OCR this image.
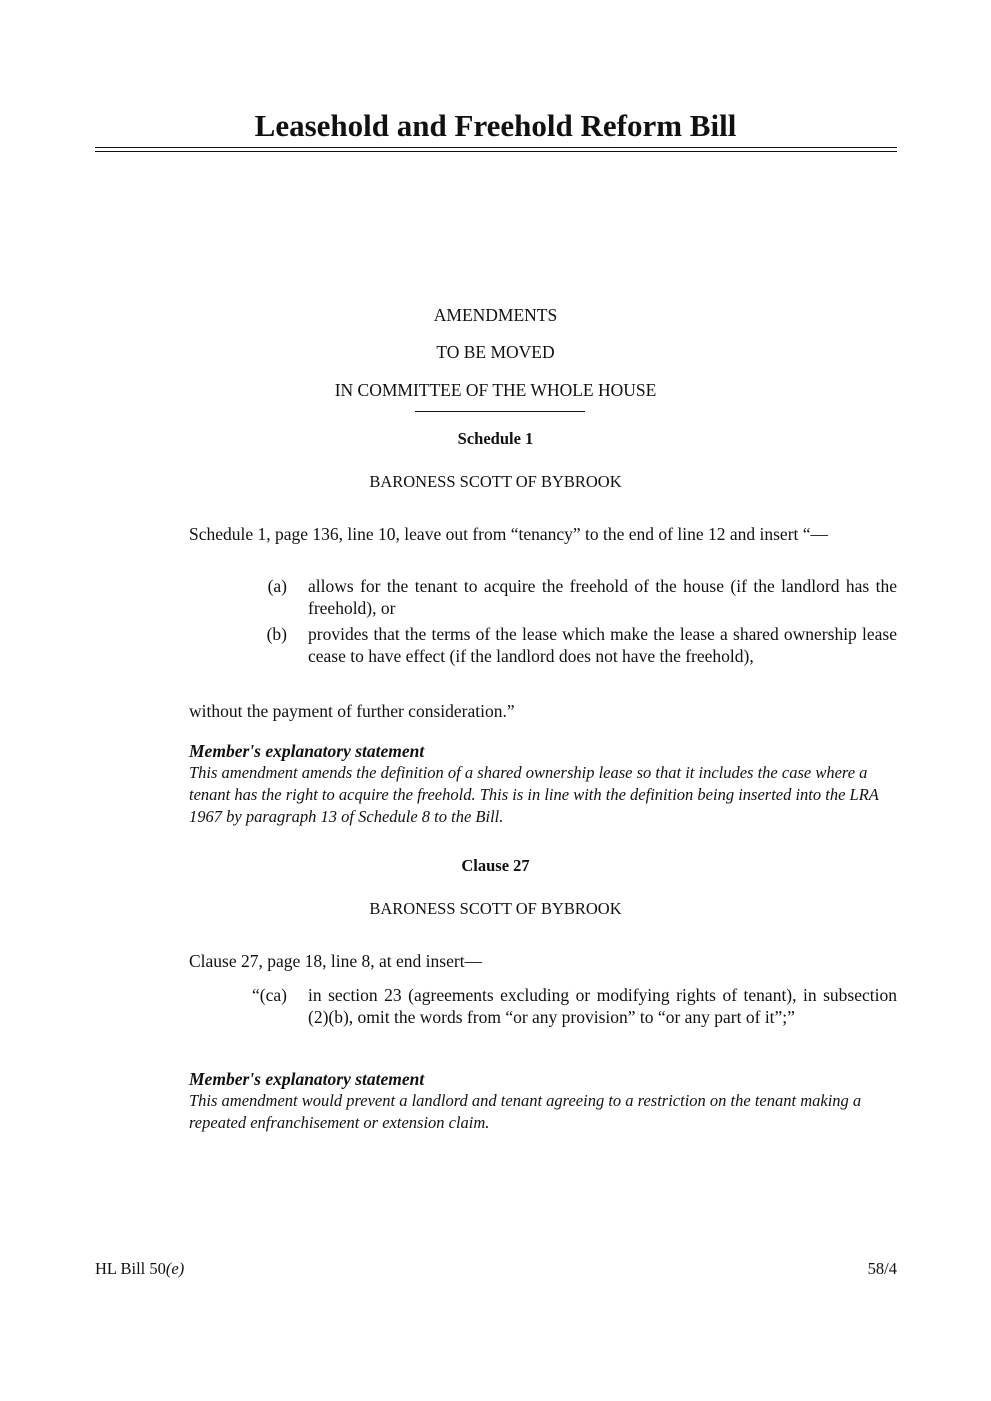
Leasehold and Freehold Reform Bill
AMENDMENTS
TO BE MOVED
IN COMMITTEE OF THE WHOLE HOUSE
Schedule 1
BARONESS SCOTT OF BYBROOK
Schedule 1, page 136, line 10, leave out from “tenancy” to the end of line 12 and insert “—
(a) allows for the tenant to acquire the freehold of the house (if the landlord has the freehold), or
(b) provides that the terms of the lease which make the lease a shared ownership lease cease to have effect (if the landlord does not have the freehold),
without the payment of further consideration.”
Member's explanatory statement
This amendment amends the definition of a shared ownership lease so that it includes the case where a tenant has the right to acquire the freehold. This is in line with the definition being inserted into the LRA 1967 by paragraph 13 of Schedule 8 to the Bill.
Clause 27
BARONESS SCOTT OF BYBROOK
Clause 27, page 18, line 8, at end insert—
“(ca) in section 23 (agreements excluding or modifying rights of tenant), in subsection (2)(b), omit the words from “or any provision” to “or any part of it”;”
Member's explanatory statement
This amendment would prevent a landlord and tenant agreeing to a restriction on the tenant making a repeated enfranchisement or extension claim.
HL Bill 50(e)	58/4
